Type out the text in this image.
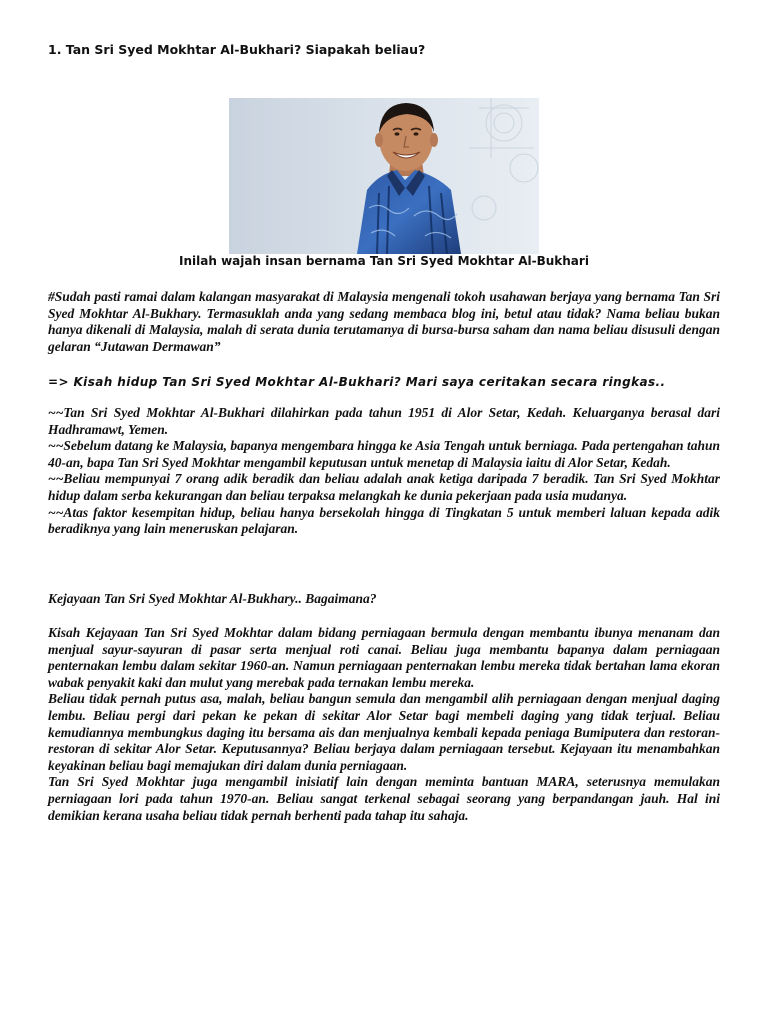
1. Tan Sri Syed Mokhtar Al-Bukhari? Siapakah beliau?
Inilah wajah insan bernama Tan Sri Syed Mokhtar Al-Bukhari

#Sudah pasti ramai dalam kalangan masyarakat di Malaysia mengenali tokoh usahawan berjaya yang bernama Tan Sri Syed Mokhtar Al-Bukhary. Termasuklah anda yang sedang membaca blog ini, betul atau tidak? Nama beliau bukan hanya dikenali di Malaysia, malah di serata dunia terutamanya di bursa-bursa saham dan nama beliau disusuli dengan gelaran “Jutawan Dermawan”

=> Kisah hidup Tan Sri Syed Mokhtar Al-Bukhari? Mari saya ceritakan secara ringkas..

~~Tan Sri Syed Mokhtar Al-Bukhari dilahirkan pada tahun 1951 di Alor Setar, Kedah. Keluarganya berasal dari Hadhramawt, Yemen.

~~Sebelum datang ke Malaysia, bapanya mengembara hingga ke Asia Tengah untuk berniaga. Pada pertengahan tahun 40-an, bapa Tan Sri Syed Mokhtar mengambil keputusan untuk menetap di Malaysia iaitu di Alor Setar, Kedah.

~~Beliau mempunyai 7 orang adik beradik dan beliau adalah anak ketiga daripada 7 beradik. Tan Sri Syed Mokhtar hidup dalam serba kekurangan dan beliau terpaksa melangkah ke dunia pekerjaan pada usia mudanya.

~~Atas faktor kesempitan hidup, beliau hanya bersekolah hingga di Tingkatan 5 untuk memberi laluan kepada adik beradiknya yang lain meneruskan pelajaran.

Kejayaan Tan Sri Syed Mokhtar Al-Bukhary.. Bagaimana?

Kisah Kejayaan Tan Sri Syed Mokhtar dalam bidang perniagaan bermula dengan membantu ibunya menanam dan menjual sayur-sayuran di pasar serta menjual roti canai. Beliau juga membantu bapanya dalam perniagaan penternakan lembu dalam sekitar 1960-an. Namun perniagaan penternakan lembu mereka tidak bertahan lama ekoran wabak penyakit kaki dan mulut yang merebak pada ternakan lembu mereka.

Beliau tidak pernah putus asa, malah, beliau bangun semula dan mengambil alih perniagaan dengan menjual daging lembu. Beliau pergi dari pekan ke pekan di sekitar Alor Setar bagi membeli daging yang tidak terjual. Beliau kemudiannya membungkus daging itu bersama ais dan menjualnya kembali kepada peniaga Bumiputera dan restoran-restoran di sekitar Alor Setar. Keputusannya? Beliau berjaya dalam perniagaan tersebut. Kejayaan itu menambahkan keyakinan beliau bagi memajukan diri dalam dunia perniagaan.

Tan Sri Syed Mokhtar juga mengambil inisiatif lain dengan meminta bantuan MARA, seterusnya memulakan perniagaan lori pada tahun 1970-an. Beliau sangat terkenal sebagai seorang yang berpandangan jauh. Hal ini demikian kerana usaha beliau tidak pernah berhenti pada tahap itu sahaja.
